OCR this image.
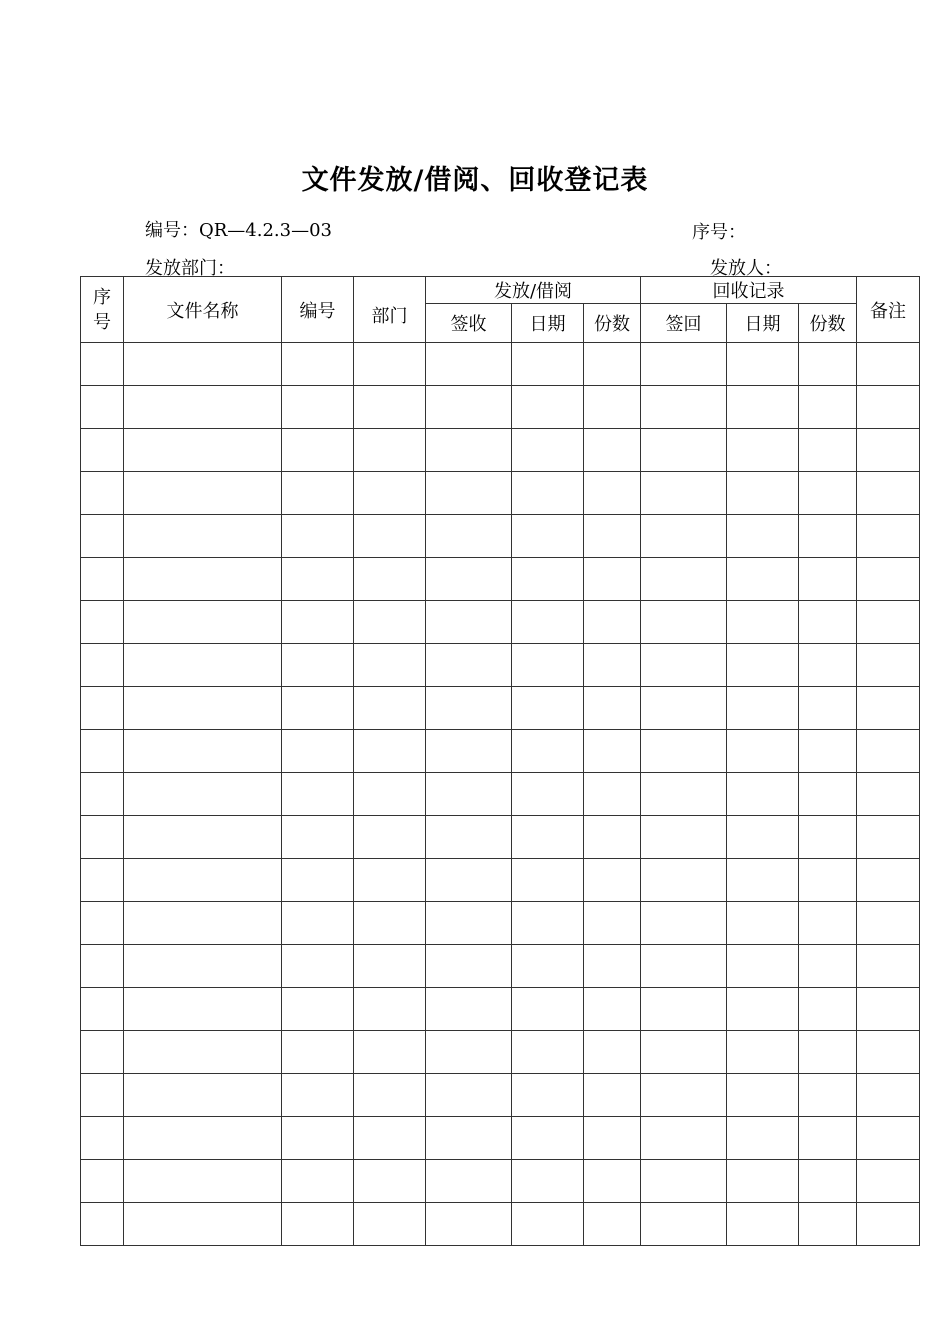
文件发放/借阅、回收登记表
编号：QR—4.2.3—03	序号：
发放部门：	发放人：
序
号	文件名称	编号	部门	发放/借阅			回收记录			备注
				签收	日期	份数	签回	日期	份数	
